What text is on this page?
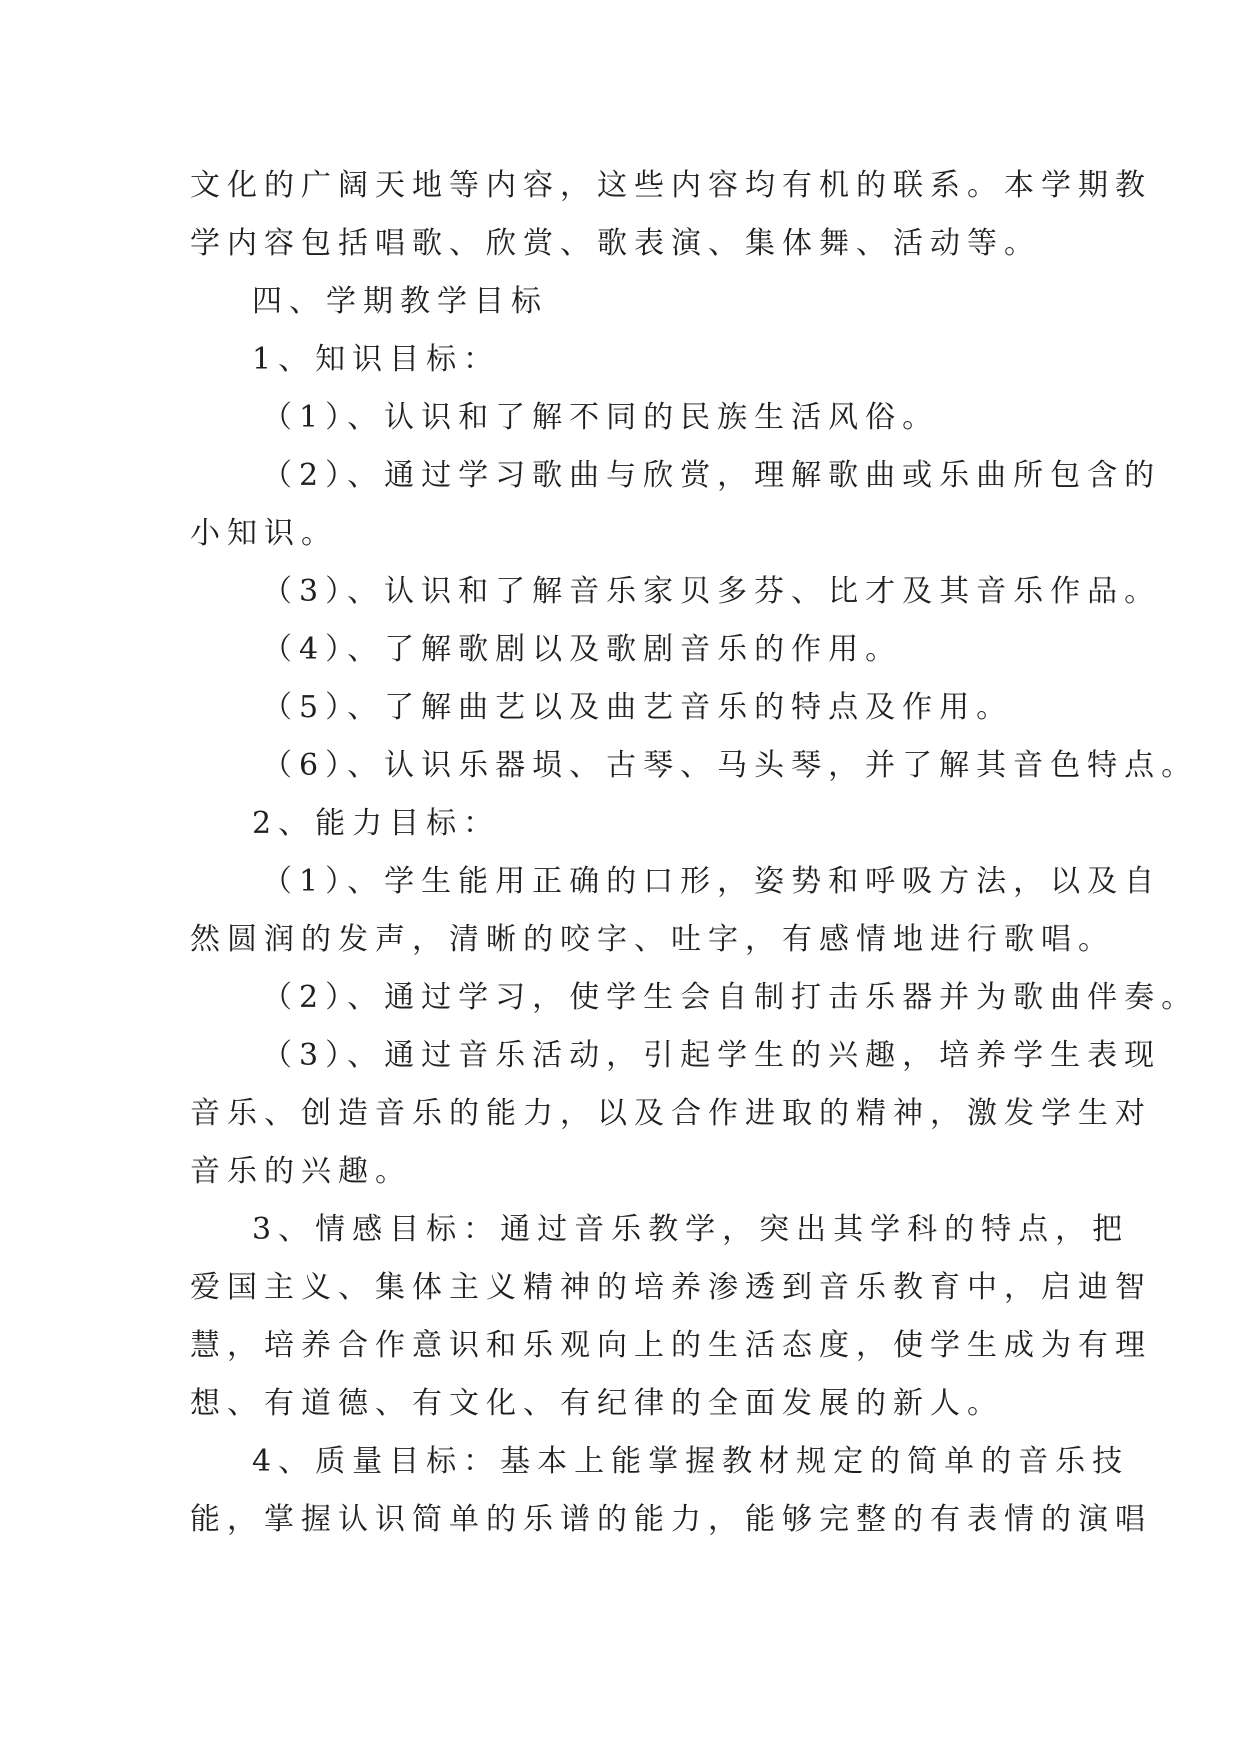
文化的广阔天地等内容，这些内容均有机的联系。本学期教
学内容包括唱歌、欣赏、歌表演、集体舞、活动等。
四、学期教学目标
1、知识目标：
（1）、认识和了解不同的民族生活风俗。
（2）、通过学习歌曲与欣赏，理解歌曲或乐曲所包含的
小知识。
（3）、认识和了解音乐家贝多芬、比才及其音乐作品。
（4）、了解歌剧以及歌剧音乐的作用。
（5）、了解曲艺以及曲艺音乐的特点及作用。
（6）、认识乐器埙、古琴、马头琴，并了解其音色特点。
2、能力目标：
（1）、学生能用正确的口形，姿势和呼吸方法，以及自
然圆润的发声，清晰的咬字、吐字，有感情地进行歌唱。
（2）、通过学习，使学生会自制打击乐器并为歌曲伴奏。
（3）、通过音乐活动，引起学生的兴趣，培养学生表现
音乐、创造音乐的能力，以及合作进取的精神，激发学生对
音乐的兴趣。
3、情感目标：通过音乐教学，突出其学科的特点，把
爱国主义、集体主义精神的培养渗透到音乐教育中，启迪智
慧，培养合作意识和乐观向上的生活态度，使学生成为有理
想、有道德、有文化、有纪律的全面发展的新人。
4、质量目标：基本上能掌握教材规定的简单的音乐技
能，掌握认识简单的乐谱的能力，能够完整的有表情的演唱
